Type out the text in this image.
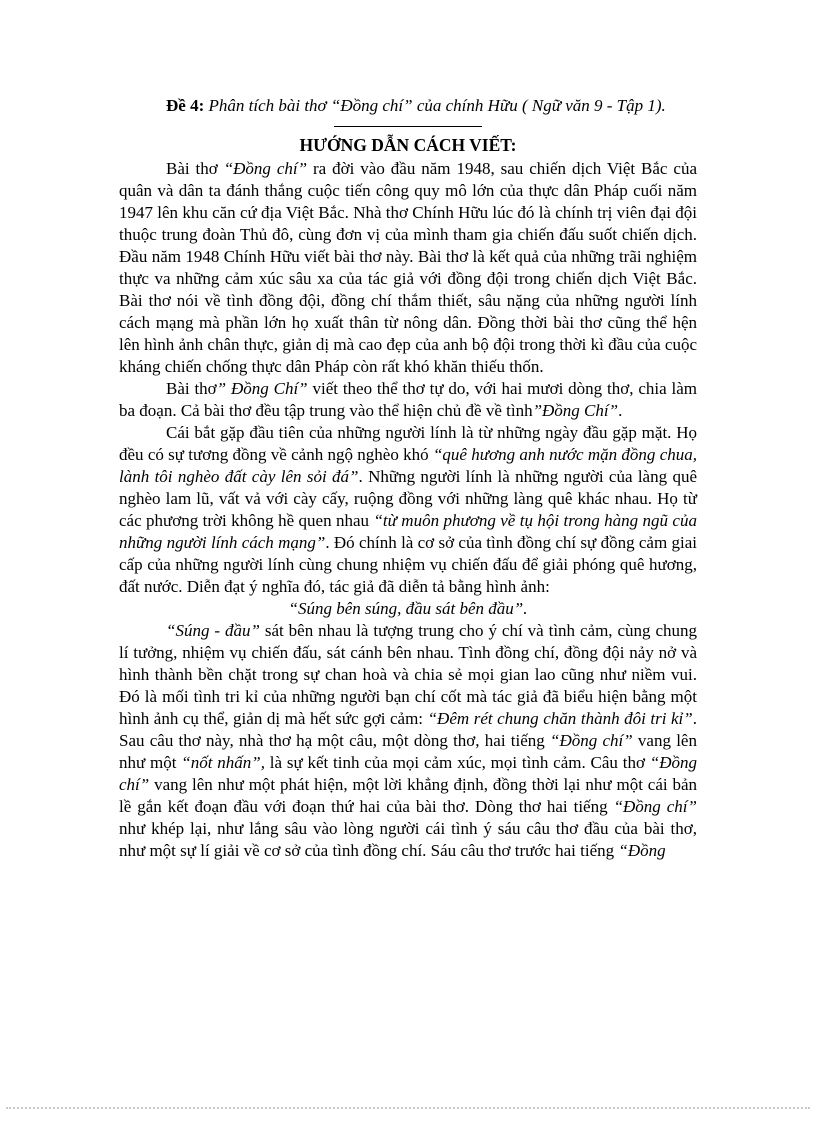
Đề 4: Phân tích bài thơ “Đồng chí” của chính Hữu ( Ngữ văn 9 - Tập 1).

HƯỚNG DẪN CÁCH VIẾT:

Bài thơ “Đồng chí” ra đời vào đầu năm 1948, sau chiến dịch Việt Bắc của quân và dân ta đánh thắng cuộc tiến công quy mô lớn của thực dân Pháp cuối năm 1947 lên khu căn cứ địa Việt Bắc. Nhà thơ Chính Hữu lúc đó là chính trị viên đại đội thuộc trung đoàn Thủ đô, cùng đơn vị của mình tham gia chiến đấu suốt chiến dịch. Đầu năm 1948 Chính Hữu viết bài thơ này. Bài thơ là kết quả của những trãi nghiệm thực va những cảm xúc sâu xa của tác giả với đồng đội trong chiến dịch Việt Bắc. Bài thơ nói về tình đồng đội, đồng chí thắm thiết, sâu nặng của những người lính cách mạng mà phần lớn họ xuất thân từ nông dân. Đồng thời bài thơ cũng thể hện lên hình ảnh chân thực, giản dị mà cao đẹp của anh bộ đội trong thời kì đầu của cuộc kháng chiến chống thực dân Pháp còn rất khó khăn thiếu thốn.

Bài thơ” Đồng Chí” viết theo thể thơ tự do, với hai mươi dòng thơ, chia làm ba đoạn. Cả bài thơ đều tập trung vào thể hiện chủ đề về tình”Đồng Chí”.

Cái bắt gặp đầu tiên của những người lính là từ những ngày đầu gặp mặt. Họ đều có sự tương đồng về cảnh ngộ nghèo khó “quê hương anh nước mặn đồng chua, lành tôi nghèo đất cày lên sỏi đá”. Những người lính là những người của làng quê nghèo lam lũ, vất vả với cày cấy, ruộng đồng với những làng quê khác nhau. Họ từ các phương trời không hề quen nhau “từ muôn phương về tụ hội trong hàng ngũ của những người lính cách mạng”. Đó chính là cơ sở của tình đồng chí sự đồng cảm giai cấp của những người lính cùng chung nhiệm vụ chiến đấu để giải phóng quê hương, đất nước. Diễn đạt ý nghĩa đó, tác giả đã diễn tả bằng hình ảnh:

“Súng bên súng, đầu sát bên đầu”.

“Súng - đầu” sát bên nhau là tượng trung cho ý chí và tình cảm, cùng chung lí tưởng, nhiệm vụ chiến đấu, sát cánh bên nhau. Tình đồng chí, đồng đội nảy nở và hình thành bền chặt trong sự chan hoà và chia sẻ mọi gian lao cũng như niềm vui. Đó là mối tình tri kỉ của những người bạn chí cốt mà tác giả đã biểu hiện bằng một hình ảnh cụ thể, giản dị mà hết sức gợi cảm: “Đêm rét chung chăn thành đôi tri kỉ”. Sau câu thơ này, nhà thơ hạ một câu, một dòng thơ, hai tiếng “Đồng chí” vang lên như một “nốt nhấn”, là sự kết tinh của mọi cảm xúc, mọi tình cảm. Câu thơ “Đồng chí” vang lên như một phát hiện, một lời khẳng định, đồng thời lại như một cái bản lề gắn kết đoạn đầu với đoạn thứ hai của bài thơ. Dòng thơ hai tiếng “Đồng chí” như khép lại, như lắng sâu vào lòng người cái tình ý sáu câu thơ đầu của bài thơ, như một sự lí giải về cơ sở của tình đồng chí. Sáu câu thơ trước hai tiếng “Đồng
